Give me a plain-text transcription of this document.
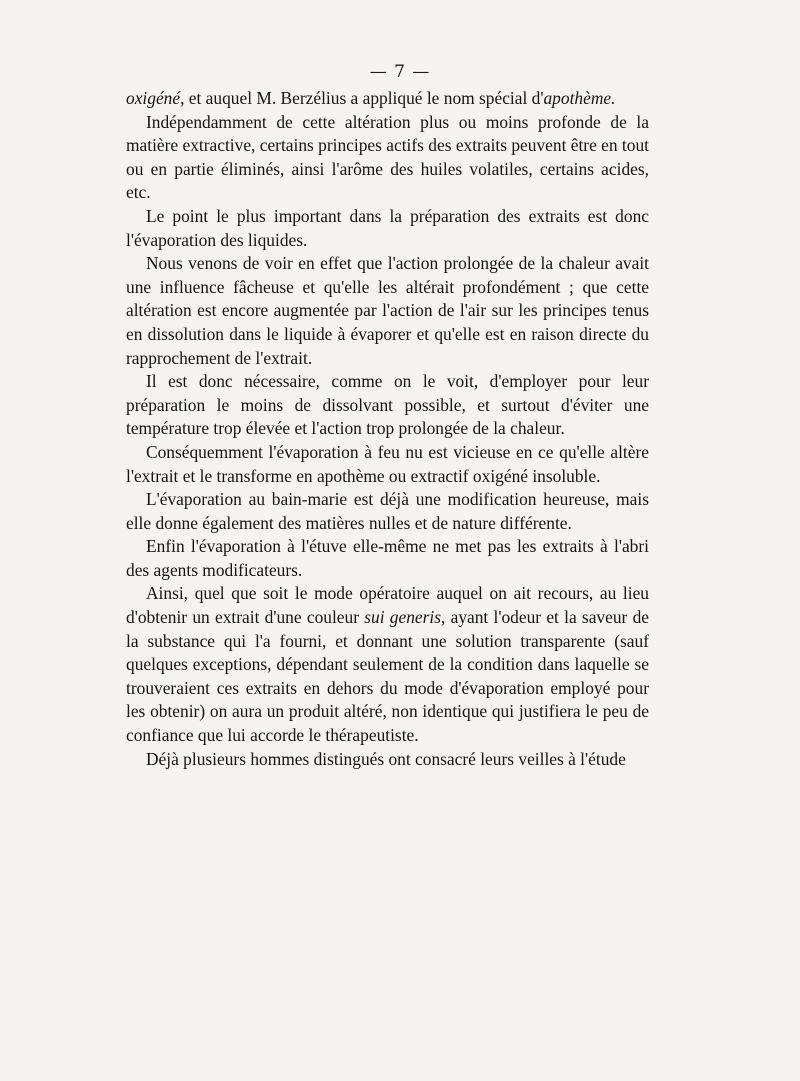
— 7 —

oxigéné, et auquel M. Berzélius a appliqué le nom spécial d'apothème.

Indépendamment de cette altération plus ou moins profonde de la matière extractive, certains principes actifs des extraits peuvent être en tout ou en partie éliminés, ainsi l'arôme des huiles volatiles, certains acides, etc.

Le point le plus important dans la préparation des extraits est donc l'évaporation des liquides.

Nous venons de voir en effet que l'action prolongée de la chaleur avait une influence fâcheuse et qu'elle les altérait profondément ; que cette altération est encore augmentée par l'action de l'air sur les principes tenus en dissolution dans le liquide à évaporer et qu'elle est en raison directe du rapprochement de l'extrait.

Il est donc nécessaire, comme on le voit, d'employer pour leur préparation le moins de dissolvant possible, et surtout d'éviter une température trop élevée et l'action trop prolongée de la chaleur.

Conséquemment l'évaporation à feu nu est vicieuse en ce qu'elle altère l'extrait et le transforme en apothème ou extractif oxigéné insoluble.

L'évaporation au bain-marie est déjà une modification heureuse, mais elle donne également des matières nulles et de nature différente.

Enfin l'évaporation à l'étuve elle-même ne met pas les extraits à l'abri des agents modificateurs.

Ainsi, quel que soit le mode opératoire auquel on ait recours, au lieu d'obtenir un extrait d'une couleur sui generis, ayant l'odeur et la saveur de la substance qui l'a fourni, et donnant une solution transparente (sauf quelques exceptions, dépendant seulement de la condition dans laquelle se trouveraient ces extraits en dehors du mode d'évaporation employé pour les obtenir) on aura un produit altéré, non identique qui justifiera le peu de confiance que lui accorde le thérapeutiste.

Déjà plusieurs hommes distingués ont consacré leurs veilles à l'étude
